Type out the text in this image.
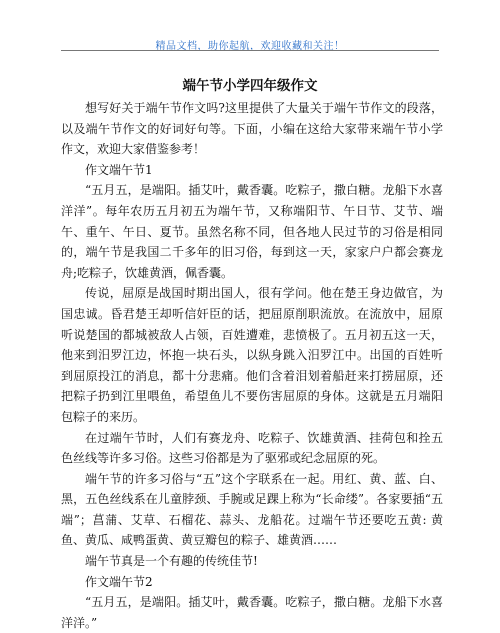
精品文档，助你起航，欢迎收藏和关注！
端午节小学四年级作文

想写好关于端午节作文吗?这里提供了大量关于端午节作文的段落，以及端午节作文的好词好句等。下面，小编在这给大家带来端午节小学作文，欢迎大家借鉴参考！

作文端午节1

“五月五，是端阳。插艾叶，戴香囊。吃粽子，撒白糖。龙船下水喜洋洋”。每年农历五月初五为端午节，又称端阳节、午日节、艾节、端午、重午、午日、夏节。虽然名称不同，但各地人民过节的习俗是相同的，端午节是我国二千多年的旧习俗，每到这一天，家家户户都会赛龙舟;吃粽子，饮雄黄酒，佩香囊。

传说，屈原是战国时期出国人，很有学问。他在楚王身边做官，为国忠诚。昏君楚王却听信奸臣的话，把屈原削职流放。在流放中，屈原听说楚国的都城被敌人占领，百姓遭难，悲愤极了。五月初五这一天，他来到汨罗江边，怀抱一块石头，以纵身跳入汨罗江中。出国的百姓听到屈原投江的消息，都十分悲痛。他们含着泪划着船赶来打捞屈原，还把粽子扔到江里喂鱼，希望鱼儿不要伤害屈原的身体。这就是五月端阳包粽子的来历。

在过端午节时，人们有赛龙舟、吃粽子、饮雄黄酒、挂荷包和拴五色丝线等许多习俗。这些习俗都是为了驱邪或纪念屈原的死。

端午节的许多习俗与“五”这个字联系在一起。用红、黄、蓝、白、黑，五色丝线系在儿童脖颈、手腕或足踝上称为“长命缕”。各家要插“五端”；菖蒲、艾草、石榴花、蒜头、龙船花。过端午节还要吃五黄: 黄鱼、黄瓜、咸鸭蛋黄、黄豆瓣包的粽子、雄黄酒……

端午节真是一个有趣的传统佳节!

作文端午节2

“五月五，是端阳。插艾叶，戴香囊。吃粽子，撒白糖。龙船下水喜洋洋。”
